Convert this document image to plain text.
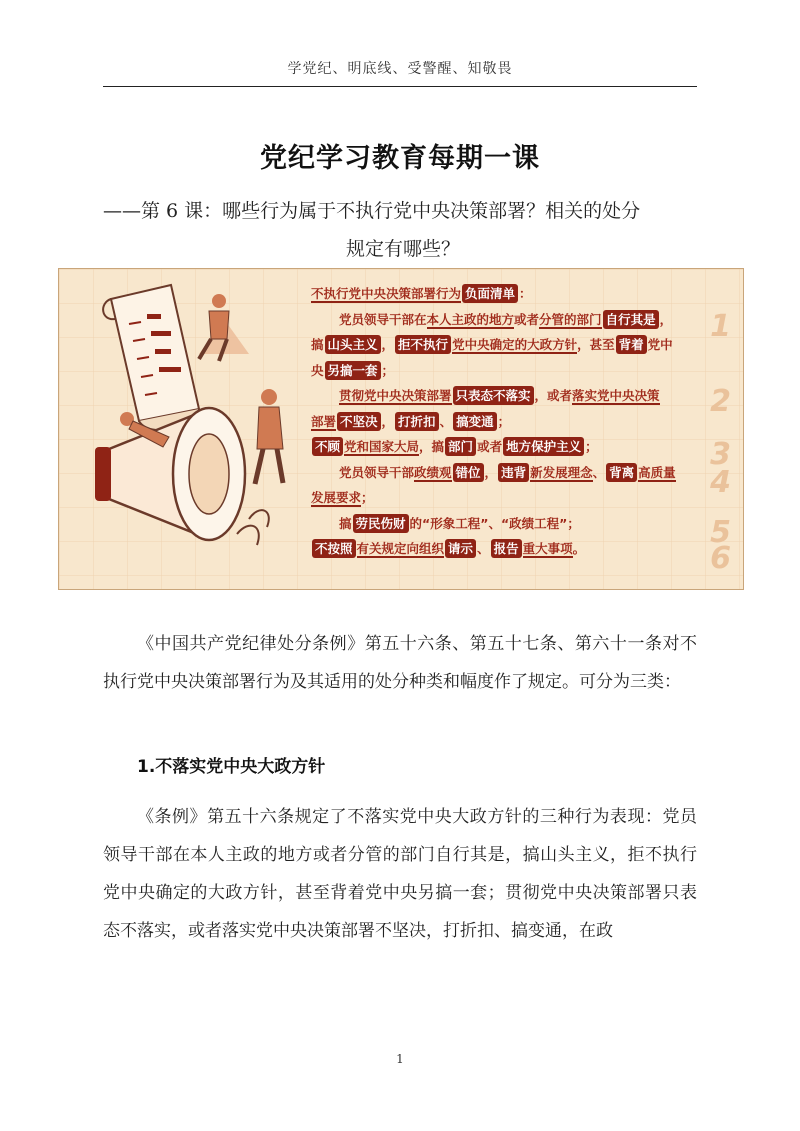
学党纪、明底线、受警醒、知敬畏
党纪学习教育每期一课
——第 6 课：哪些行为属于不执行党中央决策部署？相关的处分
规定有哪些？
不执行党中央决策部署行为 负面清单 ：
党员领导干部在本人主政的地方或者分管的部门 自行其是 ，
搞 山头主义 ， 拒不执行 党中央确定的大政方针，甚至 背着 党中
央 另搞一套 ；
贯彻党中央决策部署 只表态不落实 ，或者落实党中央决策
部署 不坚决 ， 打折扣 、 搞变通 ；
不顾 党和国家大局，搞 部门 或者 地方保护主义 ；
党员领导干部政绩观 错位 ， 违背 新发展理念、 背离 高质量
发展要求；
搞 劳民伤财 的“形象工程”、“政绩工程”；
不按照 有关规定向组织 请示 、 报告 重大事项。
1
2
3
4
5
6
《中国共产党纪律处分条例》第五十六条、第五十七条、第六十一条对不执行党中央决策部署行为及其适用的处分种类和幅度作了规定。可分为三类：
1.不落实党中央大政方针
《条例》第五十六条规定了不落实党中央大政方针的三种行为表现：党员领导干部在本人主政的地方或者分管的部门自行其是，搞山头主义，拒不执行党中央确定的大政方针，甚至背着党中央另搞一套；贯彻党中央决策部署只表态不落实，或者落实党中央决策部署不坚决，打折扣、搞变通，在政
1
